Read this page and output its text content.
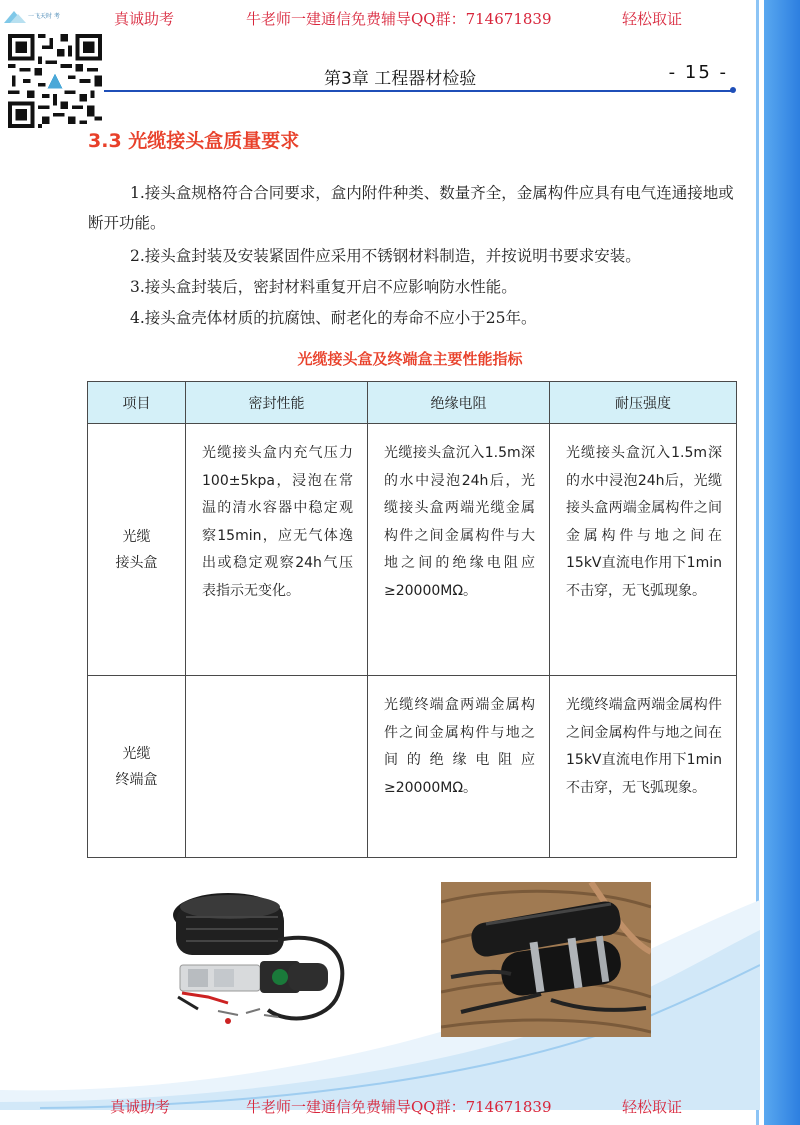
一飞天时 考	真诚助考	牛老师一建通信免费辅导QQ群：714671839	轻松取证
第3章 工程器材检验	- 15 -
3.3 光缆接头盒质量要求
1.接头盒规格符合合同要求，盒内附件种类、数量齐全，金属构件应具有电气连通接地或断开功能。
2.接头盒封装及安装紧固件应采用不锈钢材料制造，并按说明书要求安装。
3.接头盒封装后，密封材料重复开启不应影响防水性能。
4.接头盒壳体材质的抗腐蚀、耐老化的寿命不应小于25年。
光缆接头盒及终端盒主要性能指标
项目	密封性能	绝缘电阻	耐压强度

光缆
接头盒	光缆接头盒内充气压力100±5kpa，浸泡在常温的清水容器中稳定观察15min，应无气体逸出或稳定观察24h气压表指示无变化。	光缆接头盒沉入1.5m深的水中浸泡24h后，光缆接头盒两端光缆金属构件之间金属构件与大地之间的绝缘电阻应≥20000MΩ。	光缆接头盒沉入1.5m深的水中浸泡24h后，光缆接头盒两端金属构件之间金属构件与地之间在15kV直流电作用下1min不击穿，无飞弧现象。

光缆
终端盒		光缆终端盒两端金属构件之间金属构件与地之间的绝缘电阻应≥20000MΩ。	光缆终端盒两端金属构件之间金属构件与地之间在15kV直流电作用下1min不击穿，无飞弧现象。
真诚助考	牛老师一建通信免费辅导QQ群：714671839	轻松取证
